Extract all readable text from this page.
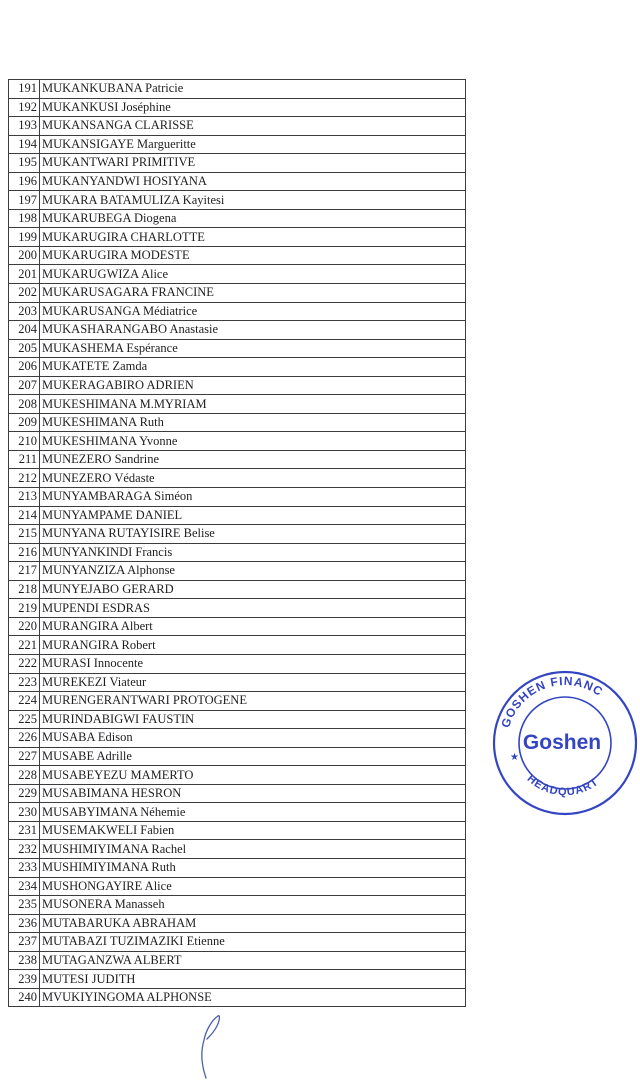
191	MUKANKUBANA Patricie
192	MUKANKUSI Joséphine
193	MUKANSANGA CLARISSE
194	MUKANSIGAYE Margueritte
195	MUKANTWARI PRIMITIVE
196	MUKANYANDWI HOSIYANA
197	MUKARA BATAMULIZA Kayitesi
198	MUKARUBEGA Diogena
199	MUKARUGIRA CHARLOTTE
200	MUKARUGIRA MODESTE
201	MUKARUGWIZA Alice
202	MUKARUSAGARA FRANCINE
203	MUKARUSANGA Médiatrice
204	MUKASHARANGABO Anastasie
205	MUKASHEMA Espérance
206	MUKATETE Zamda
207	MUKERAGABIRO ADRIEN
208	MUKESHIMANA M.MYRIAM
209	MUKESHIMANA Ruth
210	MUKESHIMANA Yvonne
211	MUNEZERO Sandrine
212	MUNEZERO Védaste
213	MUNYAMBARAGA Siméon
214	MUNYAMPAME DANIEL
215	MUNYANA RUTAYISIRE Belise
216	MUNYANKINDI Francis
217	MUNYANZIZA Alphonse
218	MUNYEJABO GERARD
219	MUPENDI ESDRAS
220	MURANGIRA Albert
221	MURANGIRA Robert
222	MURASI Innocente
223	MUREKEZI Viateur
224	MURENGERANTWARI PROTOGENE
225	MURINDABIGWI FAUSTIN
226	MUSABA Edison
227	MUSABE Adrille
228	MUSABEYEZU MAMERTO
229	MUSABIMANA HESRON
230	MUSABYIMANA Néhemie
231	MUSEMAKWELI Fabien
232	MUSHIMIYIMANA Rachel
233	MUSHIMIYIMANA Ruth
234	MUSHONGAYIRE Alice
235	MUSONERA Manasseh
236	MUTABARUKA ABRAHAM
237	MUTABAZI TUZIMAZIKI Etienne
238	MUTAGANZWA ALBERT
239	MUTESI JUDITH
240	MVUKIYINGOMA ALPHONSE
GOSHEN FINANC
Goshen
★
HEADQUART
